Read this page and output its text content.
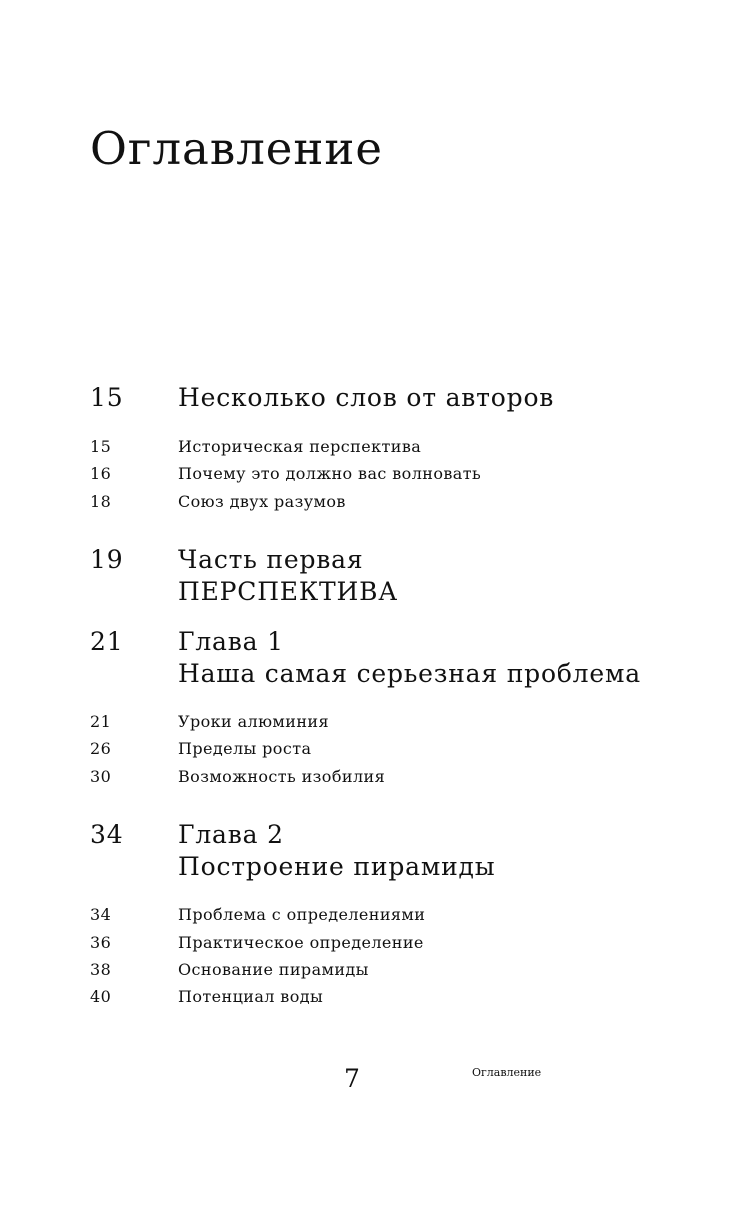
Оглавление
15 Несколько слов от авторов
15	Историческая перспектива
16	Почему это должно вас волновать
18	Союз двух разумов
19 Часть первая
ПЕРСПЕКТИВА
21 Глава 1
Наша самая серьезная проблема
21	Уроки алюминия
26	Пределы роста
30	Возможность изобилия
34 Глава 2
Построение пирамиды
34	Проблема с определениями
36	Практическое определение
38	Основание пирамиды
40	Потенциал воды
7	Оглавление
